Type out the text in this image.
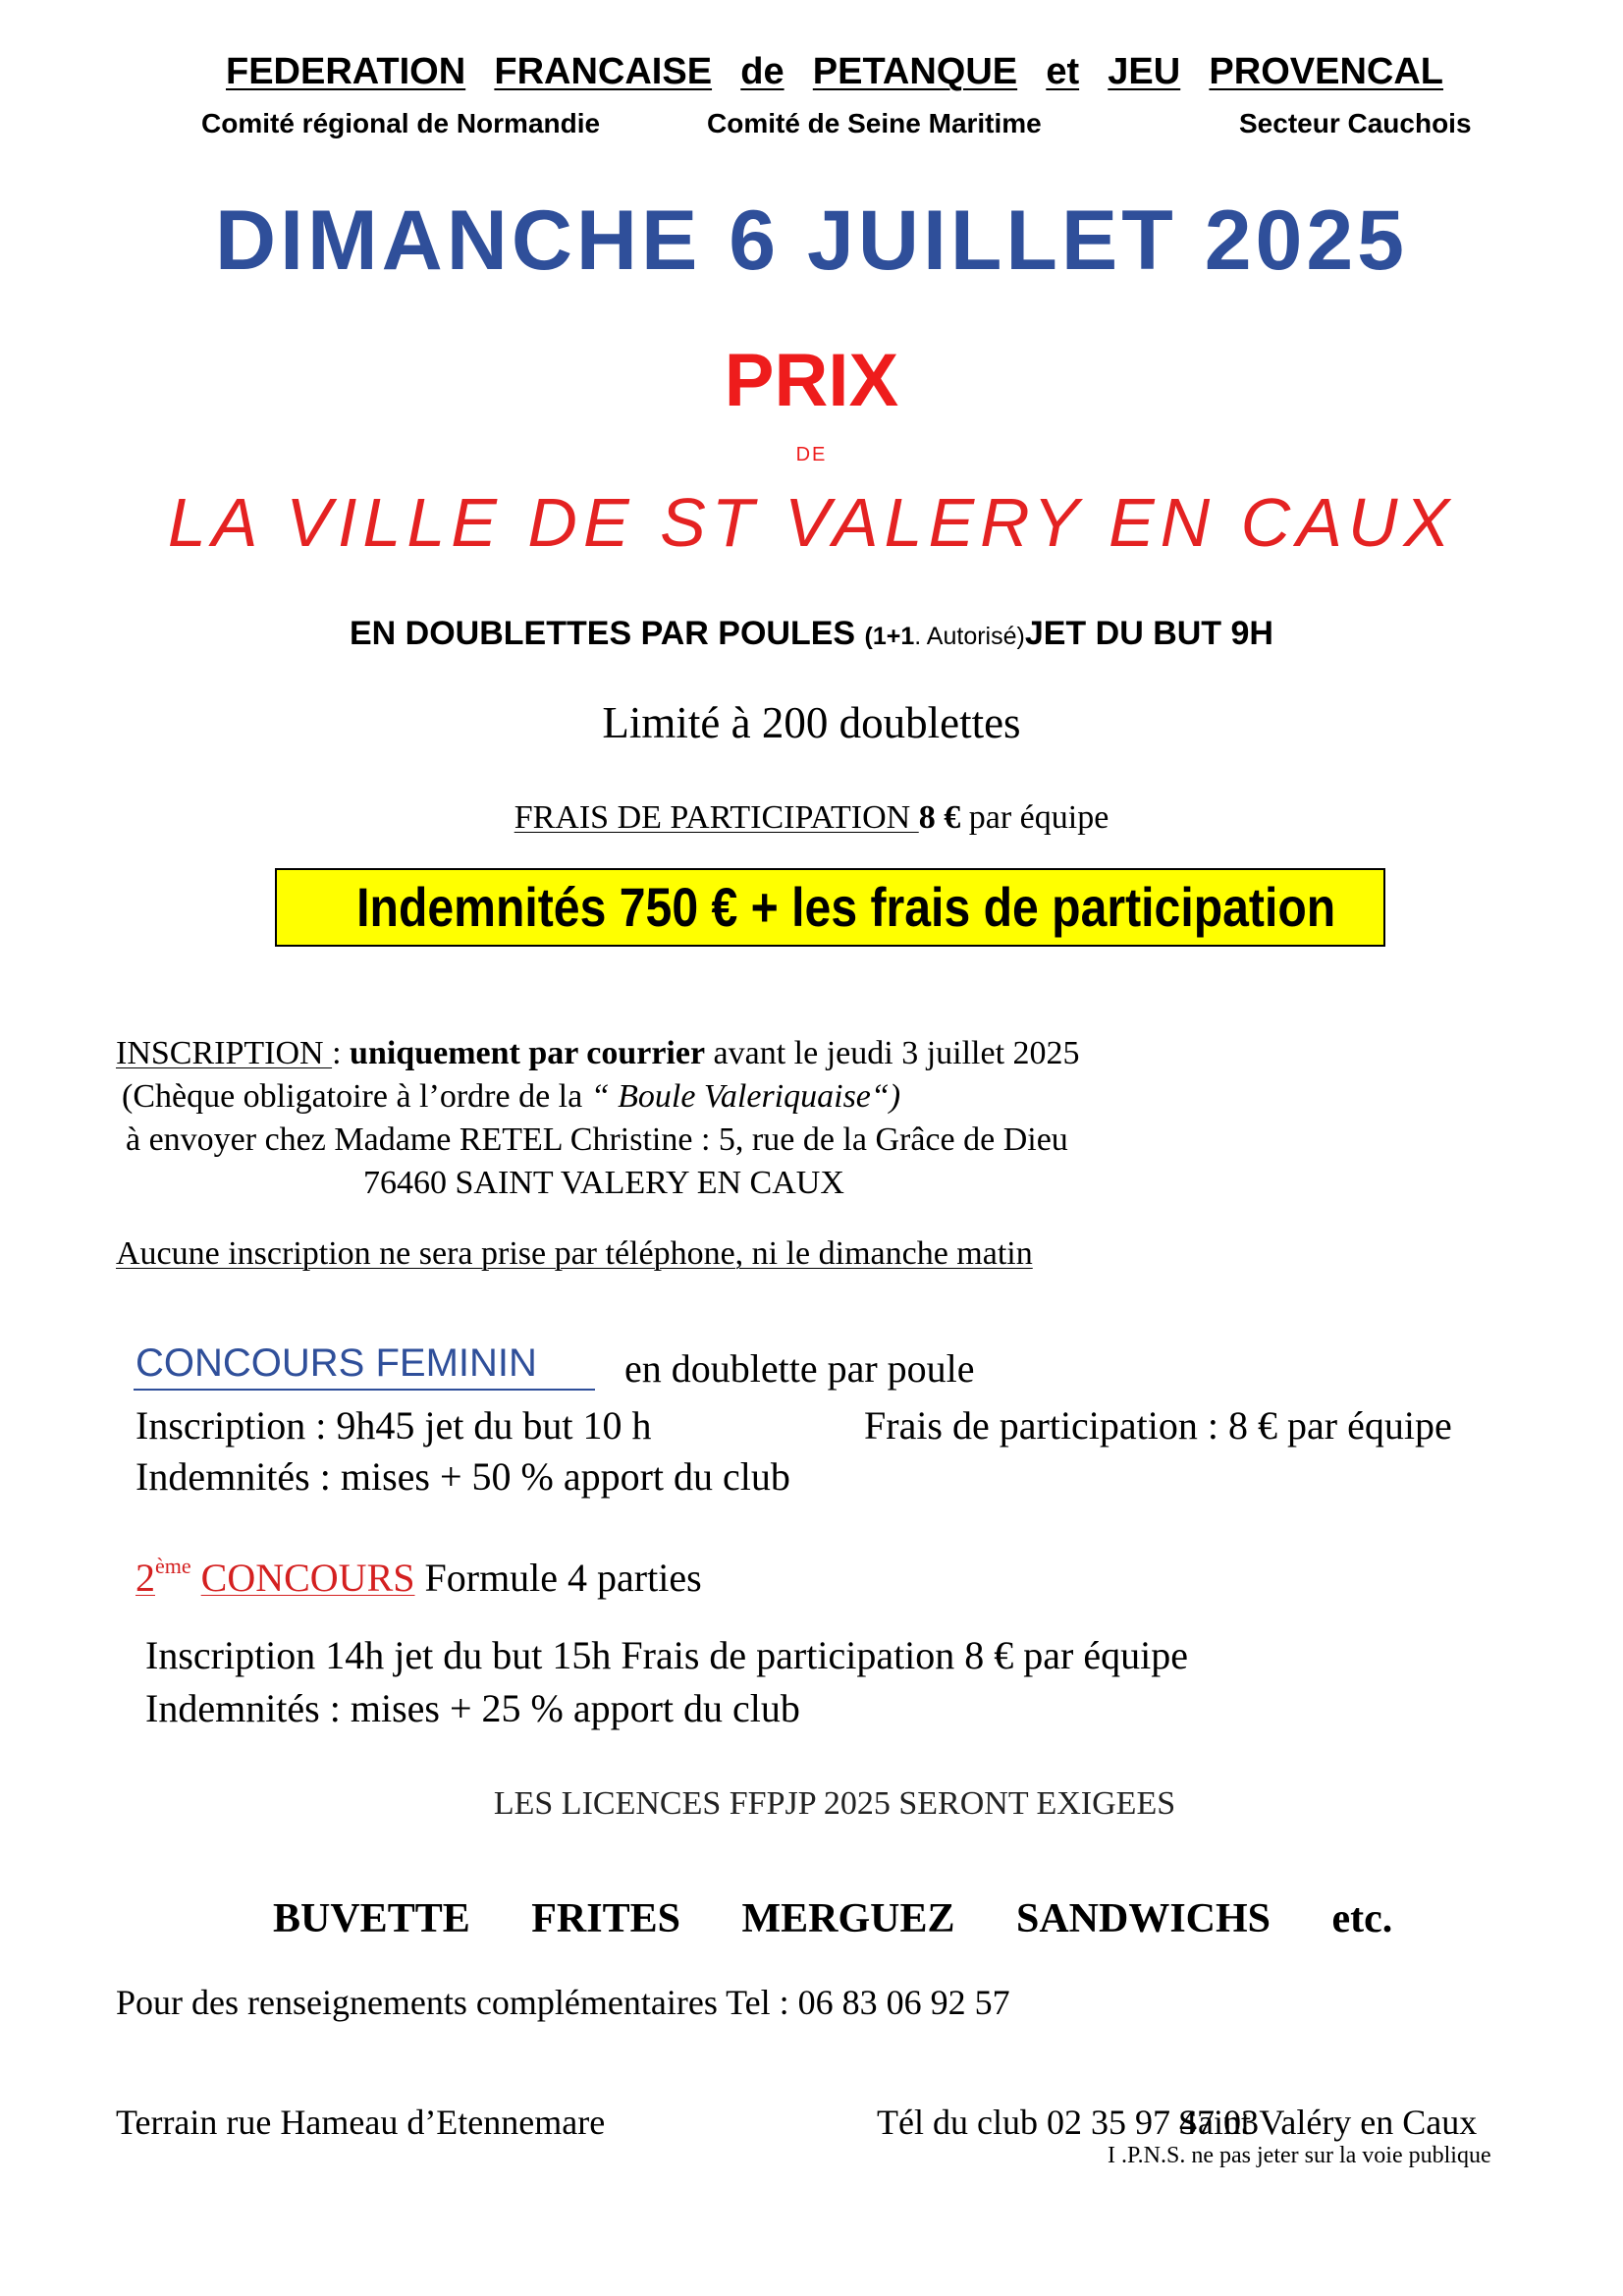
FEDERATION FRANCAISE de PETANQUE et JEU PROVENCAL
Comité régional de Normandie	Comité de Seine Maritime	Secteur Cauchois
DIMANCHE 6 JUILLET 2025
PRIX
DE
LA VILLE DE ST VALERY EN CAUX
EN DOUBLETTES PAR POULES (1+1. Autorisé) JET DU BUT 9H
Limité à 200 doublettes
FRAIS DE PARTICIPATION 8 € par équipe
Indemnités 750 € + les frais de participation
INSCRIPTION : uniquement par courrier avant le jeudi 3 juillet 2025
(Chèque obligatoire à l’ordre de la “ Boule Valeriquaise“)
à envoyer chez Madame RETEL Christine : 5, rue de la Grâce de Dieu
76460 SAINT VALERY EN CAUX
Aucune inscription ne sera prise par téléphone, ni le dimanche matin
CONCOURS FEMININ en doublette par poule
Inscription : 9h45 jet du but 10 h	Frais de participation : 8 € par équipe
Indemnités : mises + 50 % apport du club
2ème CONCOURS Formule 4 parties
Inscription 14h jet du but 15h Frais de participation 8 € par équipe
Indemnités : mises + 25 % apport du club
LES LICENCES FFPJP 2025 SERONT EXIGEES
BUVETTE FRITES MERGUEZ SANDWICHS etc.
Pour des renseignements complémentaires Tel : 06 83 06 92 57
Terrain rue Hameau d’Etennemare	Tél du club 02 35 97 47 03
Saint Valéry en Caux
I .P.N.S. ne pas jeter sur la voie publique
